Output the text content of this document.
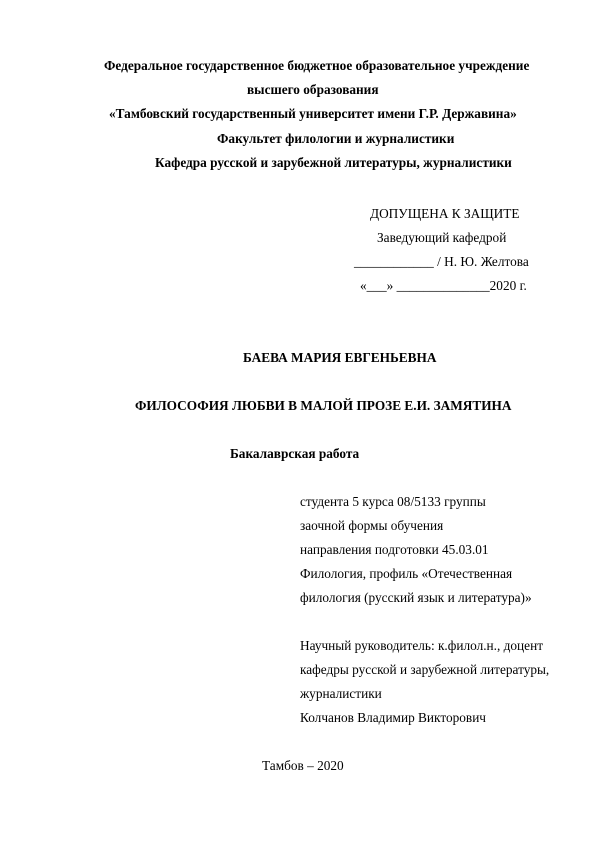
Федеральное государственное бюджетное образовательное учреждение
высшего образования
«Тамбовский государственный университет имени Г.Р. Державина»
Факультет филологии и журналистики
Кафедра русской и зарубежной литературы, журналистики
ДОПУЩЕНА К ЗАЩИТЕ
Заведующий кафедрой
____________ / Н. Ю. Желтова
«___» ______________2020 г.
БАЕВА МАРИЯ ЕВГЕНЬЕВНА
ФИЛОСОФИЯ ЛЮБВИ В МАЛОЙ ПРОЗЕ Е.И. ЗАМЯТИНА
Бакалаврская работа
студента 5 курса 08/5133 группы
заочной формы обучения
направления подготовки 45.03.01
Филология, профиль «Отечественная
филология (русский язык и литература)»
Научный руководитель: к.филол.н., доцент
кафедры русской и зарубежной литературы,
журналистики
Колчанов Владимир Викторович
Тамбов – 2020
